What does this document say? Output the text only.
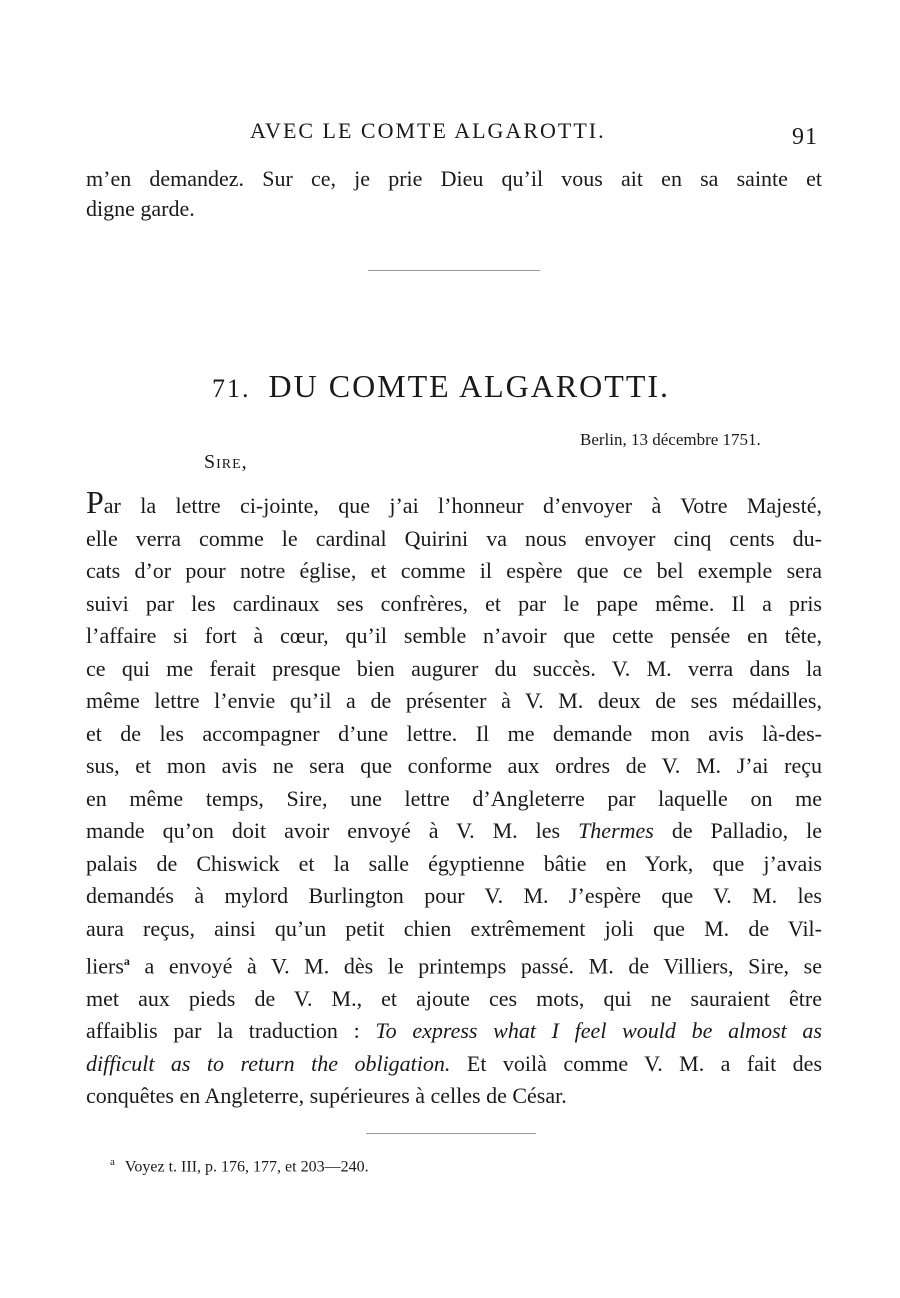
AVEC LE COMTE ALGAROTTI.	91
m’en demandez. Sur ce, je prie Dieu qu’il vous ait en sa sainte et
digne garde.
71. DU COMTE ALGAROTTI.
Berlin, 13 décembre 1751.
Sire,
Par la lettre ci-jointe, que j’ai l’honneur d’envoyer à Votre Majesté,
elle verra comme le cardinal Quirini va nous envoyer cinq cents du-
cats d’or pour notre église, et comme il espère que ce bel exemple sera
suivi par les cardinaux ses confrères, et par le pape même. Il a pris
l’affaire si fort à cœur, qu’il semble n’avoir que cette pensée en tête,
ce qui me ferait presque bien augurer du succès. V. M. verra dans la
même lettre l’envie qu’il a de présenter à V. M. deux de ses médailles,
et de les accompagner d’une lettre. Il me demande mon avis là-des-
sus, et mon avis ne sera que conforme aux ordres de V. M. J’ai reçu
en même temps, Sire, une lettre d’Angleterre par laquelle on me
mande qu’on doit avoir envoyé à V. M. les Thermes de Palladio, le
palais de Chiswick et la salle égyptienne bâtie en York, que j’avais
demandés à mylord Burlington pour V. M. J’espère que V. M. les
aura reçus, ainsi qu’un petit chien extrêmement joli que M. de Vil-
liers$^a$ a envoyé à V. M. dès le printemps passé. M. de Villiers, Sire, se
met aux pieds de V. M., et ajoute ces mots, qui ne sauraient être
affaiblis par la traduction : To express what I feel would be almost as
difficult as to return the obligation. Et voilà comme V. M. a fait des
conquêtes en Angleterre, supérieures à celles de César.
$^a$ Voyez t. III, p. 176, 177, et 203—240.
